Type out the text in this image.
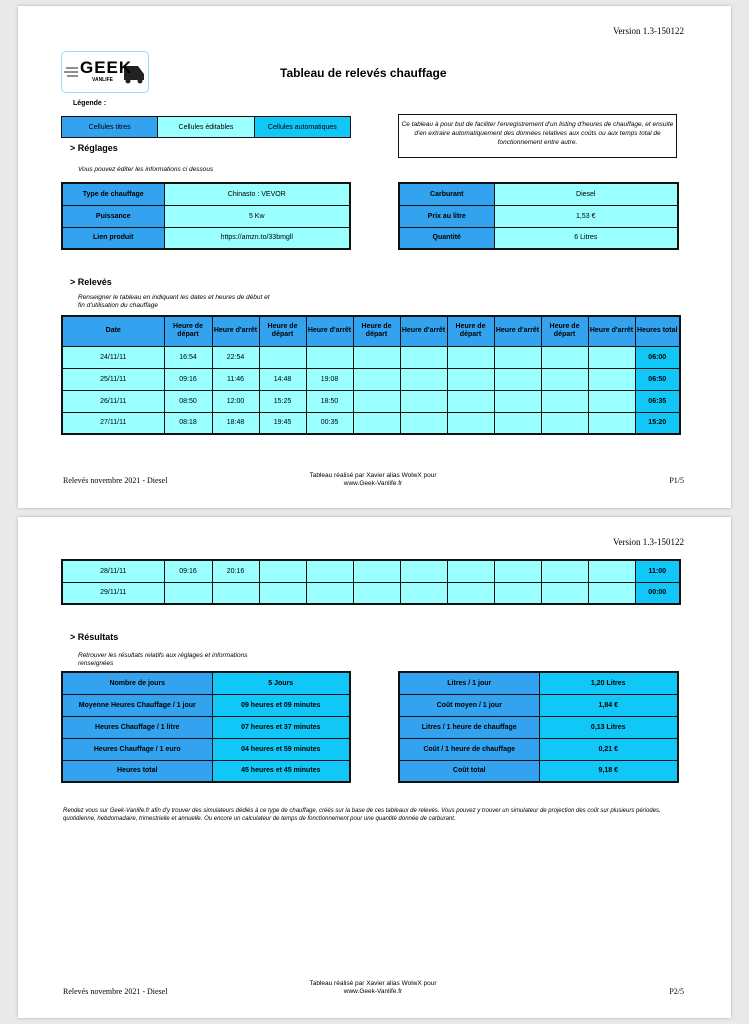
Version 1.3-150122
GEEK
VANLIFE	Tableau de relevés chauffage
Légende :
Cellules titres	Cellules éditables	Cellules automatiques	Ce tableau à pour but de faciliter l'enregistrement d'un listing d'heures de chauffage, et ensuite d'en extraire automatiquement des données relatives aux coûts ou aux temps total de fonctionnement entre autre.
> Réglages
Vous pouvez éditer les informations ci dessous
Type de chauffage	Chinasto : VEVOR
Puissance	5 Kw
Lien produit	https://amzn.to/33bmgll
Carburant	Diesel
Prix au litre	1,53 €
Quantité	6 Litres
> Relevés
Renseigner le tableau en indiquant les dates et heures de début et
fin d'utilisation du chauffage
Date	Heure de départ	Heure d'arrêt	Heure de départ	Heure d'arrêt	Heure de départ	Heure d'arrêt	Heure de départ	Heure d'arrêt	Heure de départ	Heure d'arrêt	Heures total
24/11/11	16:54	22:54									06:00
25/11/11	09:16	11:46	14:48	19:08							06:50
26/11/11	08:50	12:00	15:25	18:50							06:35
27/11/11	08:18	18:48	19:45	00:35							15:20
Relevés novembre 2021 - Diesel
Tableau réalisé par Xavier alias WolwX pour
www.Geek-Vanlife.fr	P1/5
Version 1.3-150122
28/11/11	09:16	20:16									11:00
29/11/11											00:00
> Résultats
Retrouver les résultats relatifs aux réglages et informations
renseignées
Nombre de jours	5 Jours
Moyenne Heures Chauffage / 1 jour	09 heures et 09 minutes
Heures Chauffage / 1 litre	07 heures et 37 minutes
Heures Chauffage / 1 euro	04 heures et 59 minutes
Heures total	45 heures et 45 minutes
Litres / 1 jour	1,20 Litres
Coût moyen / 1 jour	1,84 €
Litres / 1 heure de chauffage	0,13 Litres
Coût / 1 heure de chauffage	0,21 €
Coût total	9,18 €
Rendez vous sur Geek-Vanlife.fr afin d'y trouver des simulateurs dédiés à ce type de chauffage, créés sur la base de ces tableaux de relevés. Vous pouvez y trouver un simulateur de projection des coût sur plusieurs périodes, quotidienne, hebdomadaire, trimestrielle et annuelle. Ou encore un calculateur de temps de fonctionnement pour une quantité donnée de carburant.
Relevés novembre 2021 - Diesel
Tableau réalisé par Xavier alias WolwX pour
www.Geek-Vanlife.fr	P2/5
